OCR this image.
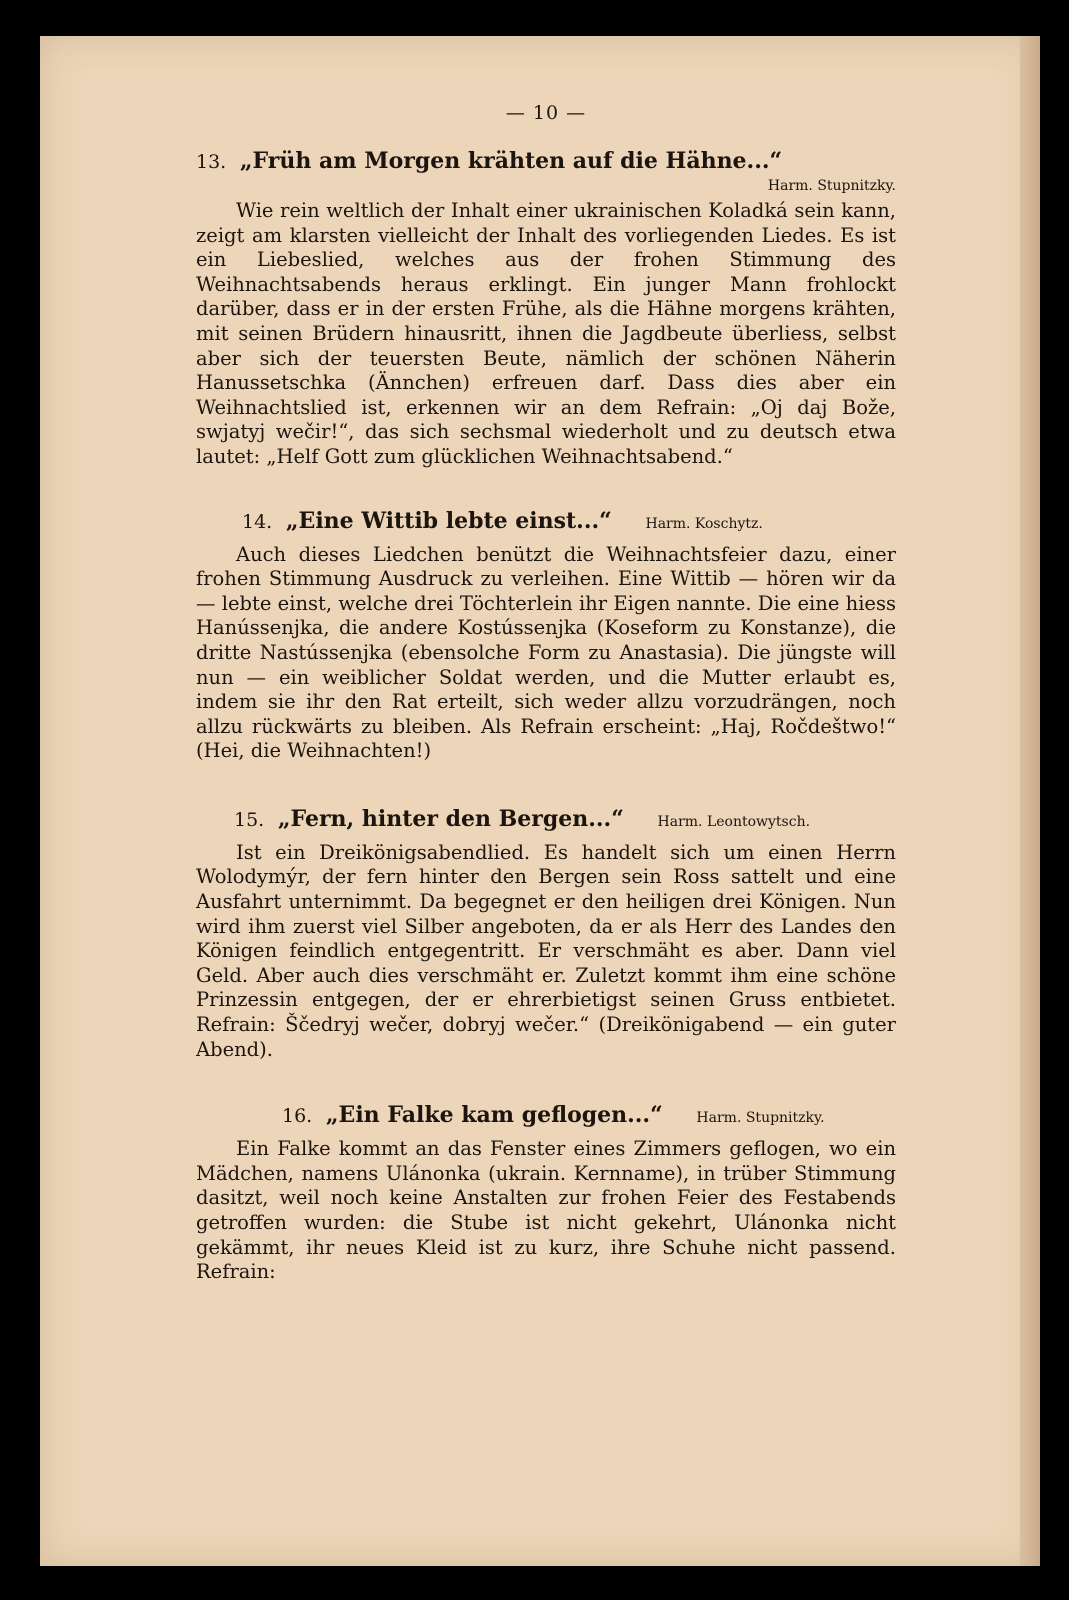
— 10 —
13. „Früh am Morgen krähten auf die Hähne...“
Harm. Stupnitzky.

Wie rein weltlich der Inhalt einer ukrainischen Koladká sein kann, zeigt am klarsten vielleicht der Inhalt des vorliegenden Liedes. Es ist ein Liebeslied, welches aus der frohen Stimmung des Weihnachtsabends heraus erklingt. Ein junger Mann frohlockt darüber, dass er in der ersten Frühe, als die Hähne morgens krähten, mit seinen Brüdern hinausritt, ihnen die Jagdbeute überliess, selbst aber sich der teuersten Beute, nämlich der schönen Näherin Hanussetschka (Ännchen) erfreuen darf. Dass dies aber ein Weihnachtslied ist, erkennen wir an dem Refrain: „Oj daj Bože, swjatyj wečir!“, das sich sechsmal wiederholt und zu deutsch etwa lautet: „Helf Gott zum glücklichen Weihnachtsabend.“

14. „Eine Wittib lebte einst...“ Harm. Koschytz.

Auch dieses Liedchen benützt die Weihnachtsfeier dazu, einer frohen Stimmung Ausdruck zu verleihen. Eine Wittib — hören wir da — lebte einst, welche drei Töchterlein ihr Eigen nannte. Die eine hiess Hanússenjka, die andere Kostússenjka (Koseform zu Konstanze), die dritte Nastússenjka (ebensolche Form zu Anastasia). Die jüngste will nun — ein weiblicher Soldat werden, und die Mutter erlaubt es, indem sie ihr den Rat erteilt, sich weder allzu vorzudrängen, noch allzu rückwärts zu bleiben. Als Refrain erscheint: „Haj, Ročdeštwo!“ (Hei, die Weihnachten!)

15. „Fern, hinter den Bergen...“ Harm. Leontowytsch.

Ist ein Dreikönigsabendlied. Es handelt sich um einen Herrn Wolodymýr, der fern hinter den Bergen sein Ross sattelt und eine Ausfahrt unternimmt. Da begegnet er den heiligen drei Königen. Nun wird ihm zuerst viel Silber angeboten, da er als Herr des Landes den Königen feindlich entgegentritt. Er verschmäht es aber. Dann viel Geld. Aber auch dies verschmäht er. Zuletzt kommt ihm eine schöne Prinzessin entgegen, der er ehrerbietigst seinen Gruss entbietet. Refrain: Ščedryj wečer, dobryj wečer.“ (Dreikönigabend — ein guter Abend).

16. „Ein Falke kam geflogen...“ Harm. Stupnitzky.

Ein Falke kommt an das Fenster eines Zimmers geflogen, wo ein Mädchen, namens Ulánonka (ukrain. Kernname), in trüber Stimmung dasitzt, weil noch keine Anstalten zur frohen Feier des Festabends getroffen wurden: die Stube ist nicht gekehrt, Ulánonka nicht gekämmt, ihr neues Kleid ist zu kurz, ihre Schuhe nicht passend. Refrain:
